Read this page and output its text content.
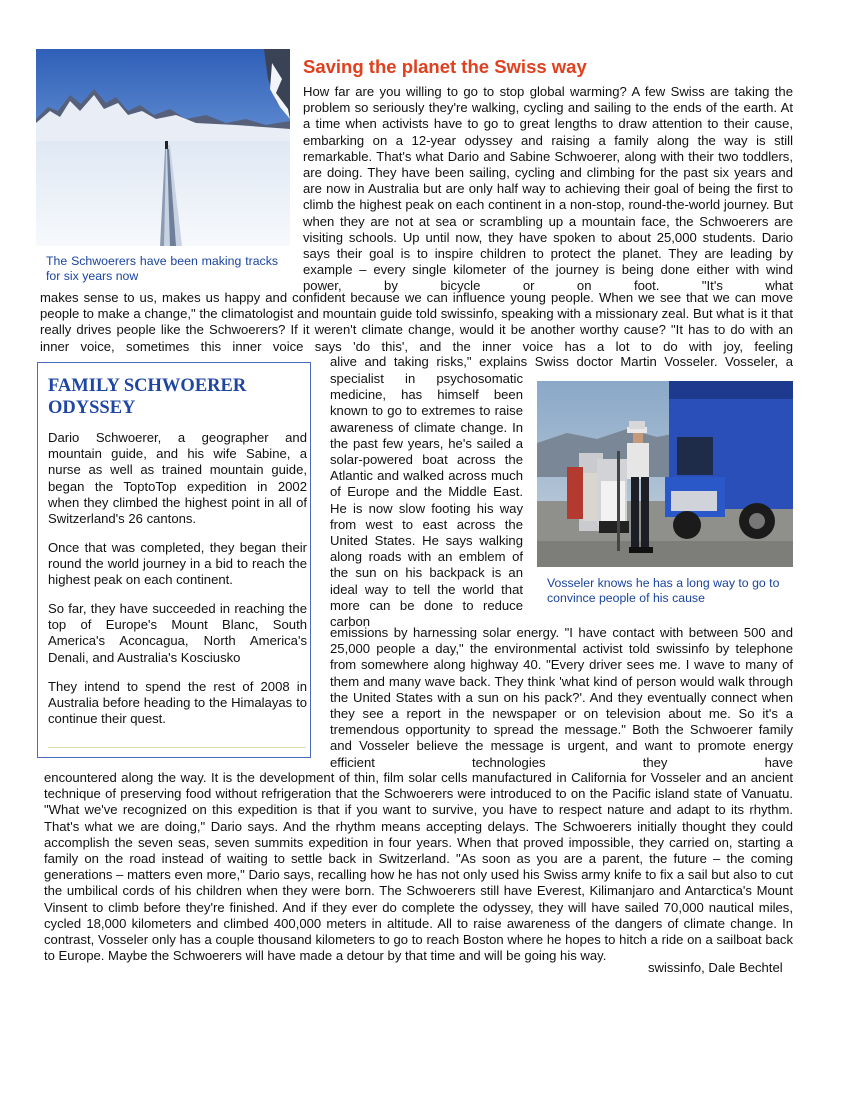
The Schwoerers have been making tracks for six years now
Saving the planet the Swiss way

How far are you willing to go to stop global warming? A few Swiss are taking the problem so seriously they're walking, cycling and sailing to the ends of the earth. At a time when activists have to go to great lengths to draw attention to their cause, embarking on a 12-year odyssey and raising a family along the way is still remarkable. That's what Dario and Sabine Schwoerer, along with their two toddlers, are doing. They have been sailing, cycling and climbing for the past six years and are now in Australia but are only half way to achieving their goal of being the first to climb the highest peak on each continent in a non-stop, round-the-world journey. But when they are not at sea or scrambling up a mountain face, the Schwoerers are visiting schools. Up until now, they have spoken to about 25,000 students. Dario says their goal is to inspire children to protect the planet. They are leading by example – every single kilometer of the journey is being done either with wind power, by bicycle or on foot. "It's what

makes sense to us, makes us happy and confident because we can influence young people. When we see that we can move people to make a change," the climatologist and mountain guide told swissinfo, speaking with a missionary zeal. But what is it that really drives people like the Schwoerers? If it weren't climate change, would it be another worthy cause? "It has to do with an inner voice, sometimes this inner voice says 'do this', and the inner voice has a lot to do with joy, feeling

alive and taking risks," explains Swiss doctor Martin Vosseler. Vosseler, a

specialist in psychosomatic medicine, has himself been known to go to extremes to raise awareness of climate change. In the past few years, he's sailed a solar-powered boat across the Atlantic and walked across much of Europe and the Middle East. He is now slow footing his way from west to east across the United States. He says walking along roads with an emblem of the sun on his backpack is an ideal way to tell the world that more can be done to reduce carbon

Vosseler knows he has a long way to go to convince people of his cause
FAMILY SCHWOERER ODYSSEY

Dario Schwoerer, a geographer and mountain guide, and his wife Sabine, a nurse as well as trained mountain guide, began the ToptoTop expedition in 2002 when they climbed the highest point in all of Switzerland's 26 cantons.

Once that was completed, they began their round the world journey in a bid to reach the highest peak on each continent.

So far, they have succeeded in reaching the top of Europe's Mount Blanc, South America's Aconcagua, North America's Denali, and Australia's Kosciusko

They intend to spend the rest of 2008 in Australia before heading to the Himalayas to continue their quest.

emissions by harnessing solar energy. "I have contact with between 500 and 25,000 people a day," the environmental activist told swissinfo by telephone from somewhere along highway 40. "Every driver sees me. I wave to many of them and many wave back. They think 'what kind of person would walk through the United States with a sun on his pack?'. And they eventually connect when they see a report in the newspaper or on television about me. So it's a tremendous opportunity to spread the message." Both the Schwoerer family and Vosseler believe the message is urgent, and want to promote energy efficient technologies they have

encountered along the way. It is the development of thin, film solar cells manufactured in California for Vosseler and an ancient technique of preserving food without refrigeration that the Schwoerers were introduced to on the Pacific island state of Vanuatu. "What we've recognized on this expedition is that if you want to survive, you have to respect nature and adapt to its rhythm. That's what we are doing," Dario says. And the rhythm means accepting delays. The Schwoerers initially thought they could accomplish the seven seas, seven summits expedition in four years. When that proved impossible, they carried on, starting a family on the road instead of waiting to settle back in Switzerland. "As soon as you are a parent, the future – the coming generations – matters even more," Dario says, recalling how he has not only used his Swiss army knife to fix a sail but also to cut the umbilical cords of his children when they were born. The Schwoerers still have Everest, Kilimanjaro and Antarctica's Mount Vinsent to climb before they're finished. And if they ever do complete the odyssey, they will have sailed 70,000 nautical miles, cycled 18,000 kilometers and climbed 400,000 meters in altitude. All to raise awareness of the dangers of climate change. In contrast, Vosseler only has a couple thousand kilometers to go to reach Boston where he hopes to hitch a ride on a sailboat back to Europe. Maybe the Schwoerers will have made a detour by that time and will be going his way.

swissinfo, Dale Bechtel
